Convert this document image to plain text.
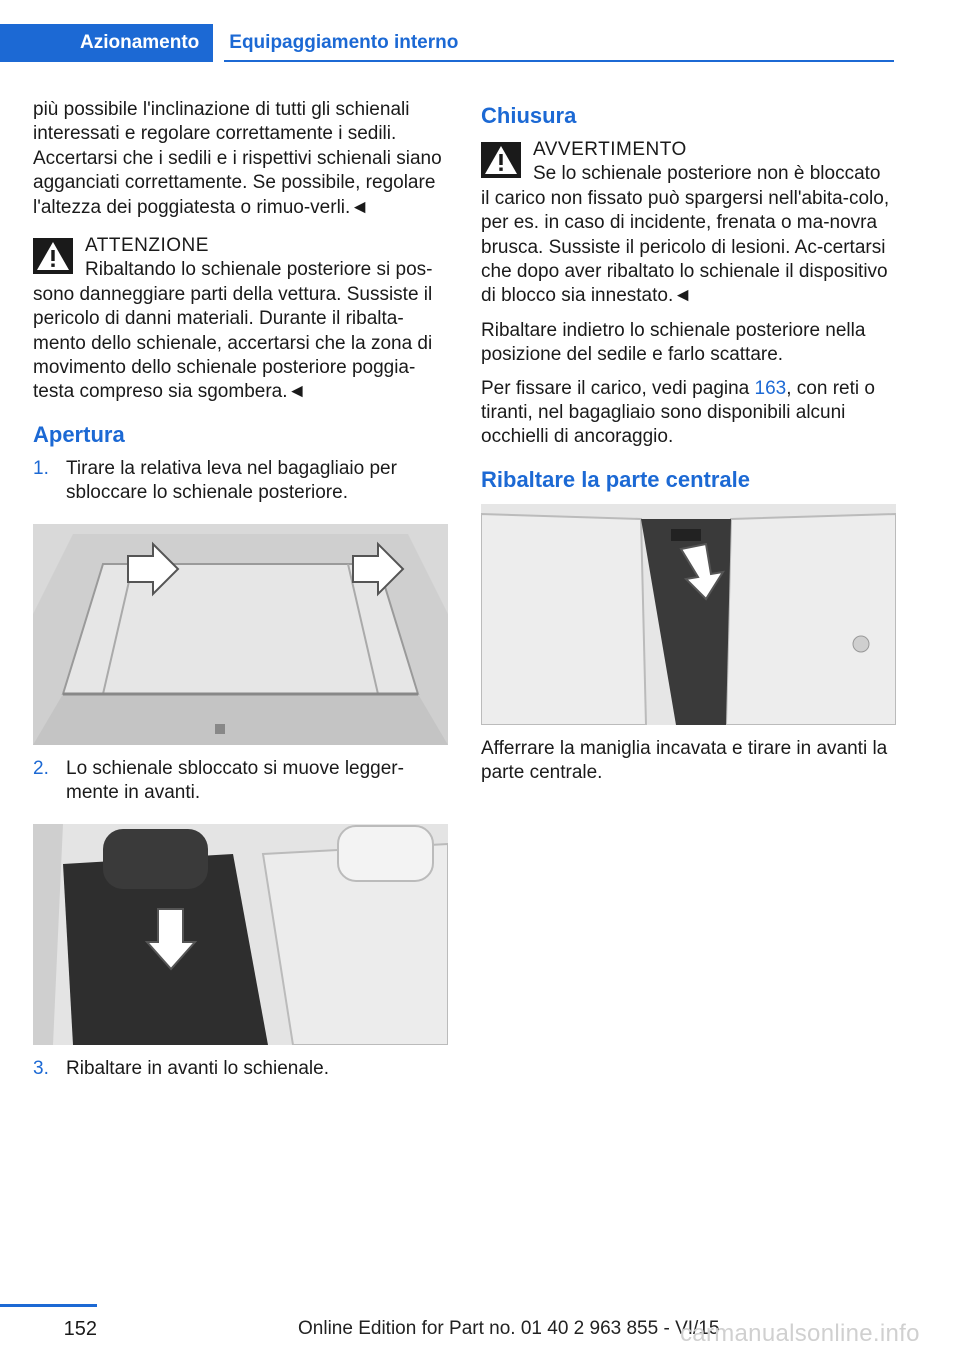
Azionamento	Equipaggiamento interno

più possibile l'inclinazione di tutti gli schienali interessati e regolare correttamente i sedili. Accertarsi che i sedili e i rispettivi schienali siano agganciati correttamente. Se possibile, regolare l'altezza dei poggiatesta o rimuo‐verli.◄

ATTENZIONE
Ribaltando lo schienale posteriore si pos‐
sono danneggiare parti della vettura. Sussiste il pericolo di danni materiali. Durante il ribalta‐mento dello schienale, accertarsi che la zona di movimento dello schienale posteriore poggia‐testa compreso sia sgombera.◄
Apertura
1. Tirare la relativa leva nel bagagliaio per sbloccare lo schienale posteriore.
2. Lo schienale sbloccato si muove legger‐mente in avanti.
3. Ribaltare in avanti lo schienale.
Chiusura
AVVERTIMENTO
Se lo schienale posteriore non è bloccato
il carico non fissato può spargersi nell'abita‐colo, per es. in caso di incidente, frenata o ma‐novra brusca. Sussiste il pericolo di lesioni. Ac‐certarsi che dopo aver ribaltato lo schienale il dispositivo di blocco sia innestato.◄

Ribaltare indietro lo schienale posteriore nella posizione del sedile e farlo scattare.

Per fissare il carico, vedi pagina 163, con reti o tiranti, nel bagagliaio sono disponibili alcuni occhielli di ancoraggio.

Ribaltare la parte centrale

Afferrare la maniglia incavata e tirare in avanti la parte centrale.

152	Online Edition for Part no. 01 40 2 963 855 - VI/15
carmanualsonline.info
